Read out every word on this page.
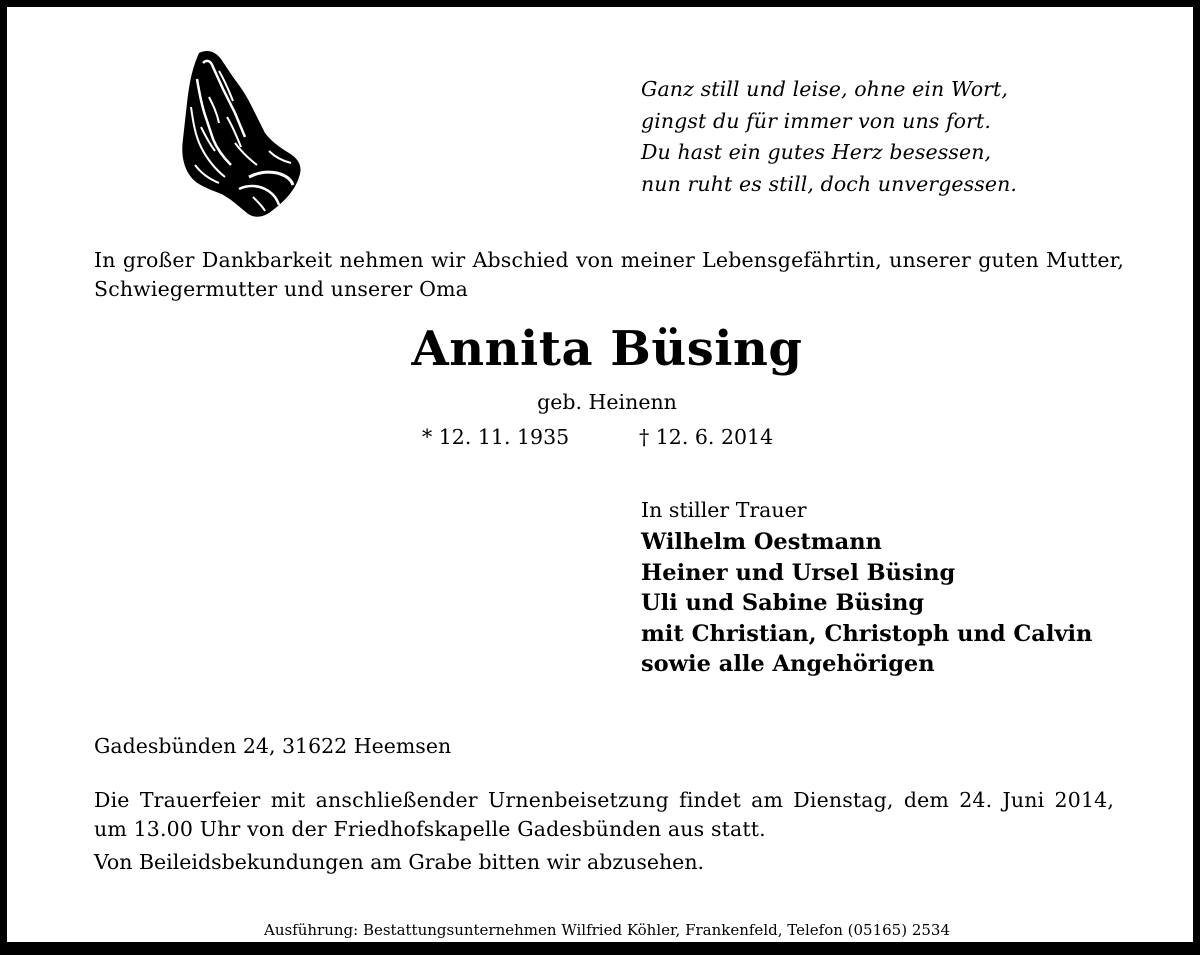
Ganz still und leise, ohne ein Wort,
gingst du für immer von uns fort.
Du hast ein gutes Herz besessen,
nun ruht es still, doch unvergessen.

In großer Dankbarkeit nehmen wir Abschied von meiner Lebensgefährtin, unserer guten Mutter, Schwiegermutter und unserer Oma

Annita Büsing
geb. Heinenn
* 12. 11. 1935	† 12. 6. 2014
In stiller Trauer
Wilhelm Oestmann
Heiner und Ursel Büsing
Uli und Sabine Büsing
mit Christian, Christoph und Calvin
sowie alle Angehörigen
Gadesbünden 24, 31622 Heemsen

Die Trauerfeier mit anschließender Urnenbeisetzung findet am Dienstag, dem 24. Juni 2014, um 13.00 Uhr von der Friedhofskapelle Gadesbünden aus statt.

Von Beileidsbekundungen am Grabe bitten wir abzusehen.
Ausführung: Bestattungsunternehmen Wilfried Köhler, Frankenfeld, Telefon (05165) 2534
